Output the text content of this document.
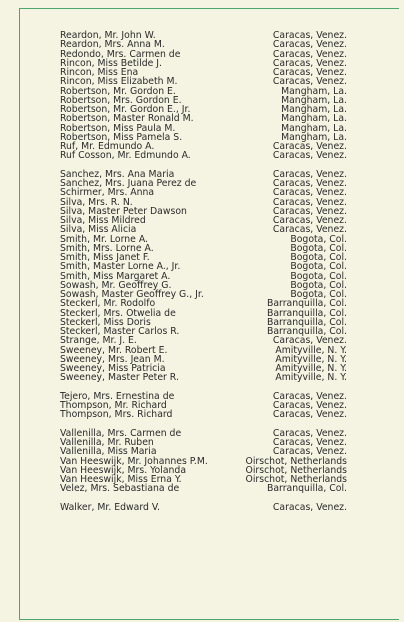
Reardon, Mr. John W.	Caracas, Venez.
Reardon, Mrs. Anna M.	Caracas, Venez.
Redondo, Mrs. Carmen de	Caracas, Venez.
Rincon, Miss Betilde J.	Caracas, Venez.
Rincon, Miss Ena	Caracas, Venez.
Rincon, Miss Elizabeth M.	Caracas, Venez.
Robertson, Mr. Gordon E.	Mangham, La.
Robertson, Mrs. Gordon E.	Mangham, La.
Robertson, Mr. Gordon E., Jr.	Mangham, La.
Robertson, Master Ronald M.	Mangham, La.
Robertson, Miss Paula M.	Mangham, La.
Robertson, Miss Pamela S.	Mangham, La.
Ruf, Mr. Edmundo A.	Caracas, Venez.
Ruf Cosson, Mr. Edmundo A.	Caracas, Venez.
Sanchez, Mrs. Ana Maria	Caracas, Venez.
Sanchez, Mrs. Juana Perez de	Caracas, Venez.
Schirmer, Mrs. Anna	Caracas, Venez.
Silva, Mrs. R. N.	Caracas, Venez.
Silva, Master Peter Dawson	Caracas, Venez.
Silva, Miss Mildred	Caracas, Venez.
Silva, Miss Alicia	Caracas, Venez.
Smith, Mr. Lorne A.	Bogota, Col.
Smith, Mrs. Lorne A.	Bogota, Col.
Smith, Miss Janet F.	Bogota, Col.
Smith, Master Lorne A., Jr.	Bogota, Col.
Smith, Miss Margaret A.	Bogota, Col.
Sowash, Mr. Geoffrey G.	Bogota, Col.
Sowash, Master Geoffrey G., Jr.	Bogota, Col.
Steckerl, Mr. Rodolfo	Barranquilla, Col.
Steckerl, Mrs. Otwelia de	Barranquilla, Col.
Steckerl, Miss Doris	Barranquilla, Col.
Steckerl, Master Carlos R.	Barranquilla, Col.
Strange, Mr. J. E.	Caracas, Venez.
Sweeney, Mr. Robert E.	Amityville, N. Y.
Sweeney, Mrs. Jean M.	Amityville, N. Y.
Sweeney, Miss Patricia	Amityville, N. Y.
Sweeney, Master Peter R.	Amityville, N. Y.
Tejero, Mrs. Ernestina de	Caracas, Venez.
Thompson, Mr. Richard	Caracas, Venez.
Thompson, Mrs. Richard	Caracas, Venez.
Vallenilla, Mrs. Carmen de	Caracas, Venez.
Vallenilla, Mr. Ruben	Caracas, Venez.
Vallenilla, Miss Maria	Caracas, Venez.
Van Heeswijk, Mr. Johannes P.M.	Oirschot, Netherlands
Van Heeswijk, Mrs. Yolanda	Oirschot, Netherlands
Van Heeswijk, Miss Erna Y.	Oirschot, Netherlands
Velez, Mrs. Sebastiana de	Barranquilla, Col.
Walker, Mr. Edward V.	Caracas, Venez.
